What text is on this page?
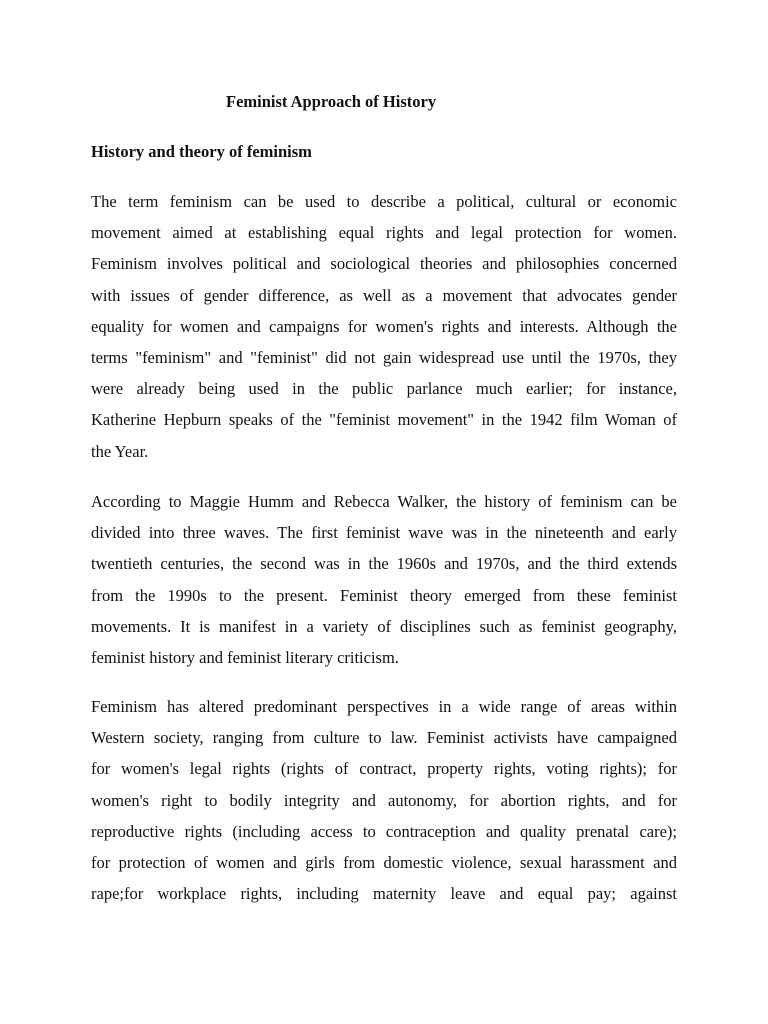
Feminist Approach of History
History and theory of feminism

The term feminism can be used to describe a political, cultural or economic
movement aimed at establishing equal rights and legal protection for women.
Feminism involves political and sociological theories and philosophies concerned
with issues of gender difference, as well as a movement that advocates gender
equality for women and campaigns for women's rights and interests. Although the
terms "feminism" and "feminist" did not gain widespread use until the 1970s, they
were already being used in the public parlance much earlier; for instance,
Katherine Hepburn speaks of the "feminist movement" in the 1942 film Woman of
the Year.

According to Maggie Humm and Rebecca Walker, the history of feminism can be
divided into three waves. The first feminist wave was in the nineteenth and early
twentieth centuries, the second was in the 1960s and 1970s, and the third extends
from the 1990s to the present. Feminist theory emerged from these feminist
movements. It is manifest in a variety of disciplines such as feminist geography,
feminist history and feminist literary criticism.

Feminism has altered predominant perspectives in a wide range of areas within
Western society, ranging from culture to law. Feminist activists have campaigned
for women's legal rights (rights of contract, property rights, voting rights); for
women's right to bodily integrity and autonomy, for abortion rights, and for
reproductive rights (including access to contraception and quality prenatal care);
for protection of women and girls from domestic violence, sexual harassment and
rape;for workplace rights, including maternity leave and equal pay; against
